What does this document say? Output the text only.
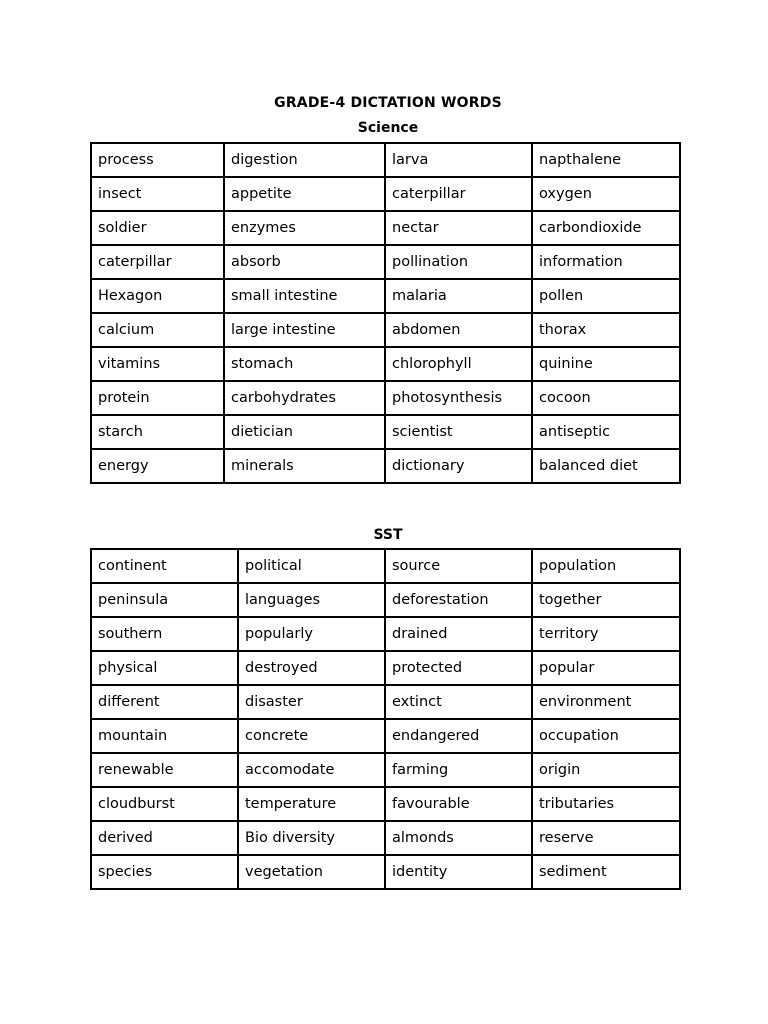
GRADE-4 DICTATION WORDS
Science
process	digestion	larva	napthalene
insect	appetite	caterpillar	oxygen
soldier	enzymes	nectar	carbondioxide
caterpillar	absorb	pollination	information
Hexagon	small intestine	malaria	pollen
calcium	large intestine	abdomen	thorax
vitamins	stomach	chlorophyll	quinine
protein	carbohydrates	photosynthesis	cocoon
starch	dietician	scientist	antiseptic
energy	minerals	dictionary	balanced diet
SST
continent	political	source	population
peninsula	languages	deforestation	together
southern	popularly	drained	territory
physical	destroyed	protected	popular
different	disaster	extinct	environment
mountain	concrete	endangered	occupation
renewable	accomodate	farming	origin
cloudburst	temperature	favourable	tributaries
derived	Bio diversity	almonds	reserve
species	vegetation	identity	sediment
